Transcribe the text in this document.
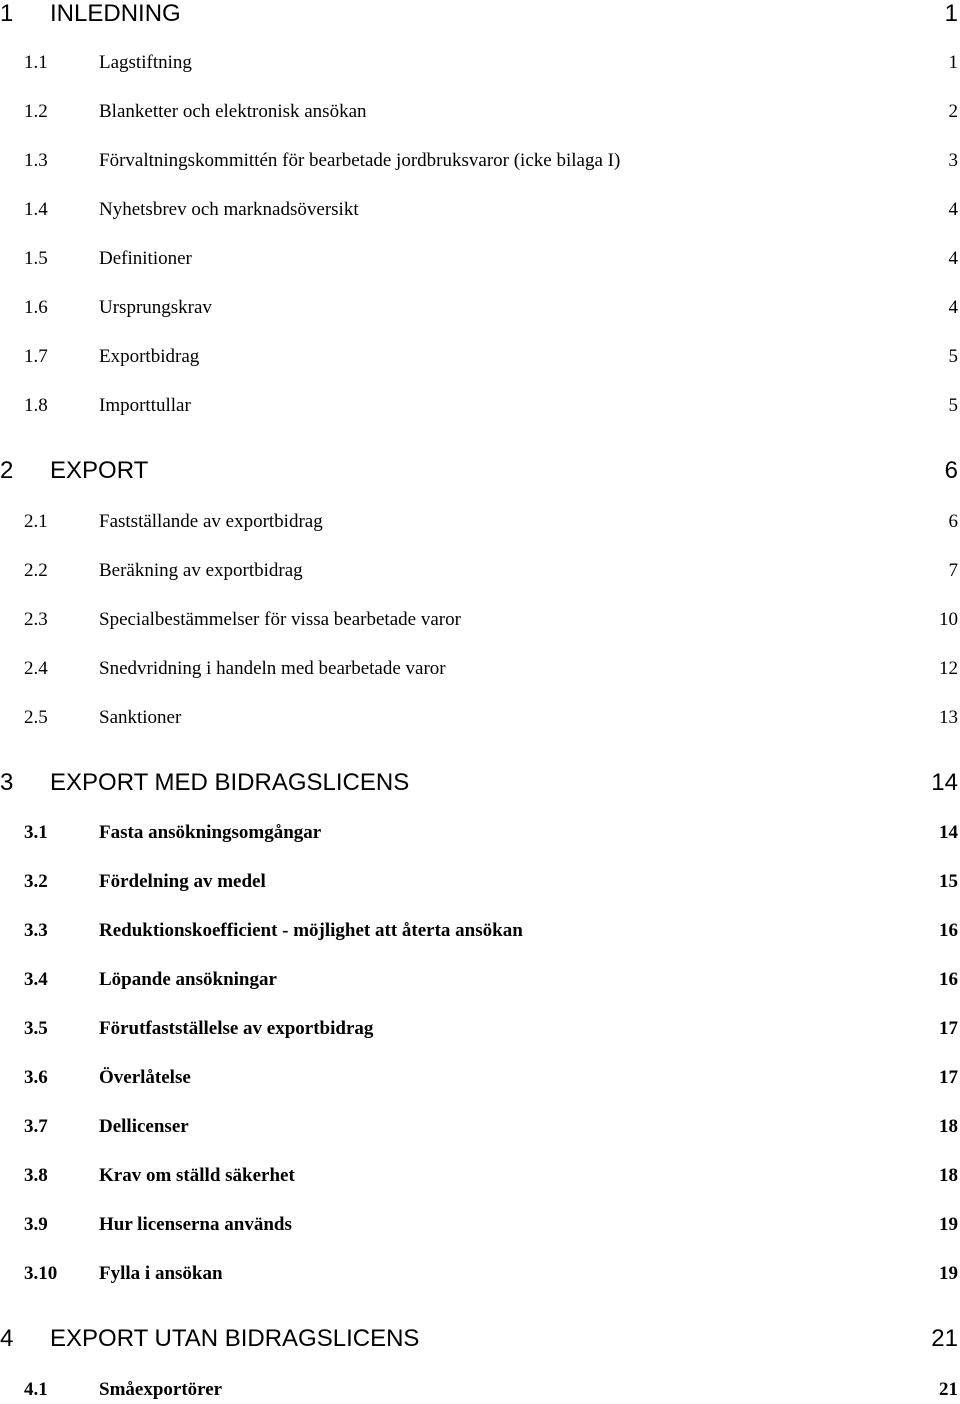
1 INLEDNING	1
1.1	Lagstiftning	1
1.2	Blanketter och elektronisk ansökan	2
1.3	Förvaltningskommittén för bearbetade jordbruksvaror (icke bilaga I)	3
1.4	Nyhetsbrev och marknadsöversikt	4
1.5	Definitioner	4
1.6	Ursprungskrav	4
1.7	Exportbidrag	5
1.8	Importtullar	5
2 EXPORT	6
2.1	Fastställande av exportbidrag	6
2.2	Beräkning av exportbidrag	7
2.3	Specialbestämmelser för vissa bearbetade varor	10
2.4	Snedvridning i handeln med bearbetade varor	12
2.5	Sanktioner	13
3 EXPORT MED BIDRAGSLICENS	14
3.1	Fasta ansökningsomgångar	14
3.2	Fördelning av medel	15
3.3	Reduktionskoefficient - möjlighet att återta ansökan	16
3.4	Löpande ansökningar	16
3.5	Förutfastställelse av exportbidrag	17
3.6	Överlåtelse	17
3.7	Dellicenser	18
3.8	Krav om ställd säkerhet	18
3.9	Hur licenserna används	19
3.10 Fylla i ansökan	19
4 EXPORT UTAN BIDRAGSLICENS	21
4.1	Småexportörer	21
